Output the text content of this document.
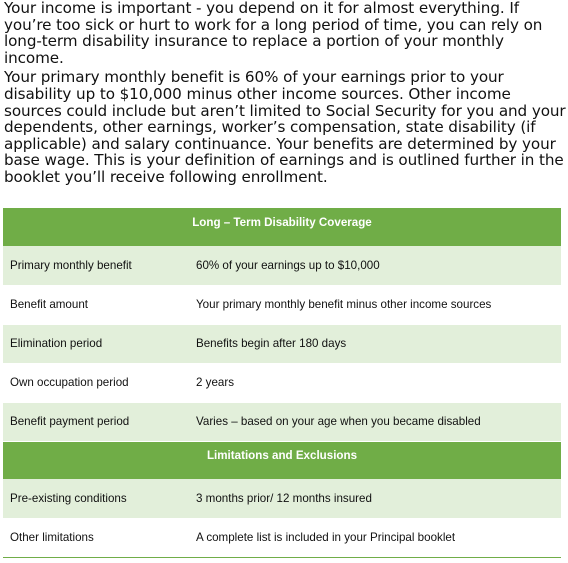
Your income is important - you depend on it for almost everything. If you’re too sick or hurt to work for a long period of time, you can rely on long-term disability insurance to replace a portion of your monthly income.

Your primary monthly benefit is 60% of your earnings prior to your disability up to $10,000 minus other income sources. Other income sources could include but aren’t limited to Social Security for you and your dependents, other earnings, worker’s compensation, state disability (if applicable) and salary continuance. Your benefits are determined by your base wage. This is your definition of earnings and is outlined further in the booklet you’ll receive following enrollment.

Long – Term Disability Coverage	
Primary monthly benefit	60% of your earnings up to $10,000
Benefit amount	Your primary monthly benefit minus other income sources
Elimination period	Benefits begin after 180 days
Own occupation period	2 years
Benefit payment period	Varies – based on your age when you became disabled
Limitations and Exclusions	
Pre-existing conditions	3 months prior/ 12 months insured
Other limitations	A complete list is included in your Principal booklet
